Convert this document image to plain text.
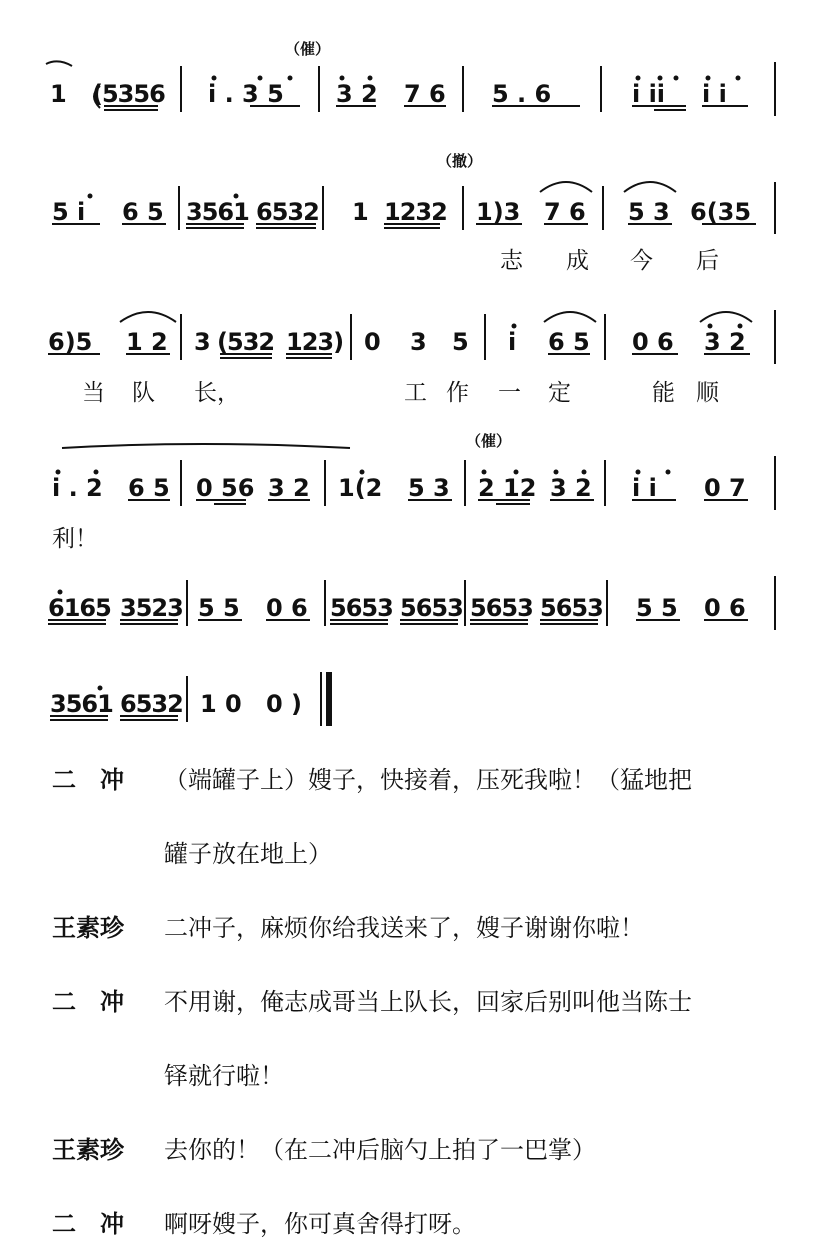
（催）
1 (5356 i . 3 5 3 2 7 6 5 . 6	i ii i i
（撤）
5 i 6 5 3561 6532 1 1232 1)3 7 6 5 3 6(35
志 成 今 后
6)5 1 2 3 (532 123) 0 3 5 i 6 5 0 6 3 2
当 队 长，	工 作 一 定	能 顺
（催）
i . 2 6 5 0 56 3 2 1(2 5 3 2 12 3 2 i i 0 7
利！
6165 3523 5 5 0 6 5653 5653 5653 5653 5 5 0 6
3561 6532 1 0 0 )
二　冲	（端罐子上）嫂子，快接着，压死我啦！（猛地把
罐子放在地上）
王素珍	二冲子，麻烦你给我送来了，嫂子谢谢你啦！
二　冲	不用谢，俺志成哥当上队长，回家后别叫他当陈士
铎就行啦！
王素珍	去你的！（在二冲后脑勺上拍了一巴掌）
二　冲	啊呀嫂子，你可真舍得打呀。
